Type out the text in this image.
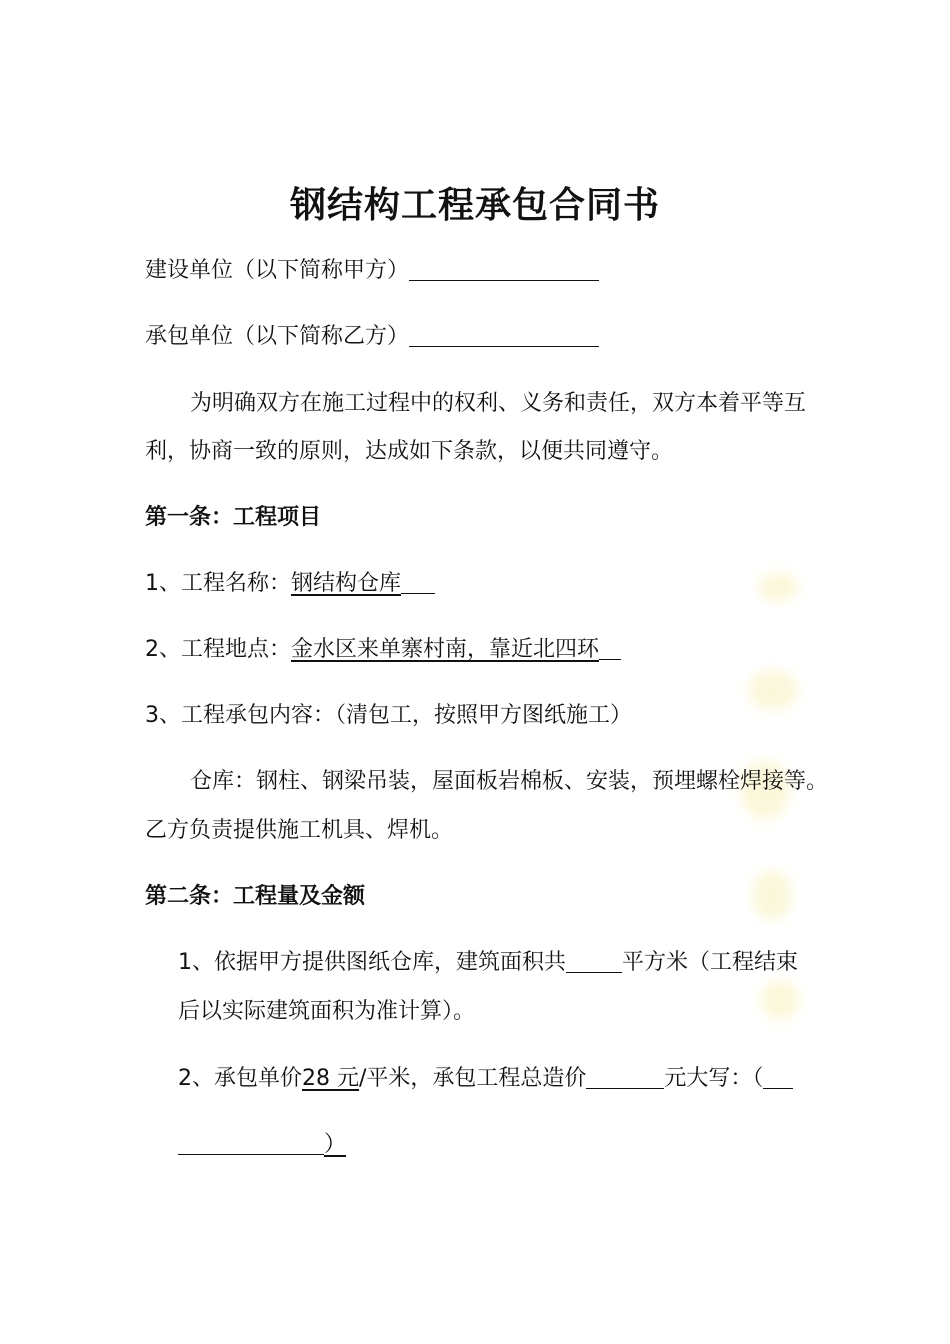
钢结构工程承包合同书
建设单位（以下简称甲方）
承包单位（以下简称乙方）
为明确双方在施工过程中的权利、义务和责任，双方本着平等互
利，协商一致的原则，达成如下条款，以便共同遵守。
第一条：工程项目
1、工程名称：钢结构仓库
2、工程地点：金水区来单寨村南，靠近北四环
3、工程承包内容：（清包工，按照甲方图纸施工）
仓库：钢柱、钢梁吊装，屋面板岩棉板、安装，预埋螺栓焊接等。
乙方负责提供施工机具、焊机。
第二条：工程量及金额
1、依据甲方提供图纸仓库，建筑面积共	平方米（工程结束
后以实际建筑面积为准计算）。
2、承包单价28 元/平米，承包工程总造价	元大写：（
）
